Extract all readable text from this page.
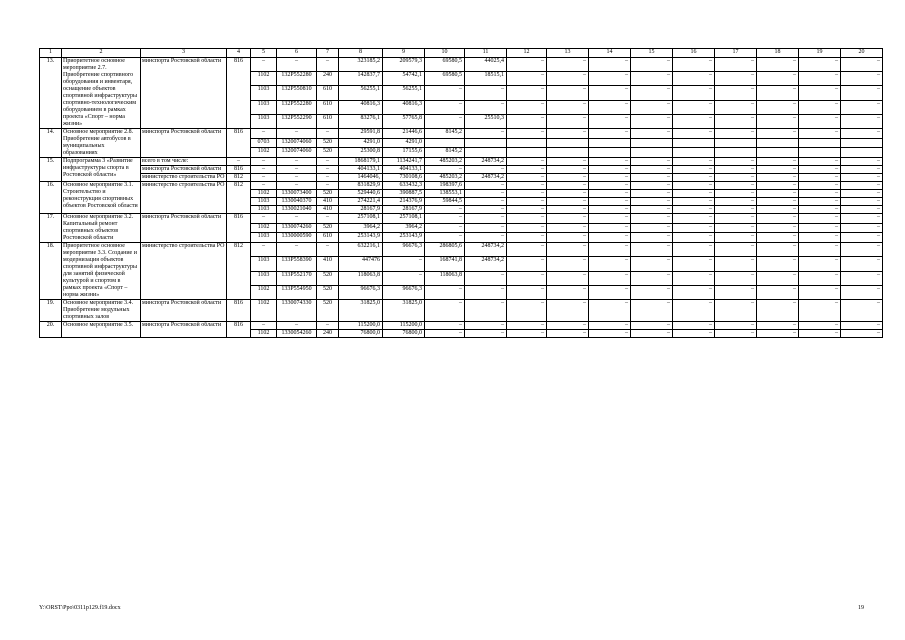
1	2	3	4	5	6	7	8	9	10	11	12	13	14	15	16	17	18	19	20
13.	Приоритетное основное мероприятие 2.7. Приобретение спортивного оборудования и инвентаря, оснащение объектов спортивной инфраструктуры спортивно-технологическим оборудованием в рамках проекта «Спорт – норма жизни»	минспорта Ростовской области	816	–	–	–	323185,2	209579,3	69580,5	44025,4	–	–	–	–	–	–	–	–	–
				1102	132P552280	240	142837,7	54742,1	69580,5	18515,1	–	–	–	–	–	–	–	–	–
				1103	132P550810	610	56255,1	56255,1	–	–	–	–	–	–	–	–	–	–	–
				1103	132P552280	610	40816,3	40816,3	–	–	–	–	–	–	–	–	–	–	–
				1103	132P552290	610	83276,1	57765,8	–	25510,3	–	–	–	–	–	–	–	–	–
14.	Основное мероприятие 2.8. Приобретение автобусов в муниципальных образованиях	минспорта Ростовской области	816	–	–	–	29591,8	21446,6	8145,2	–	–	–	–	–	–	–	–	–	–
				0703	1320074060	520	4291,0	4291,0											
				1102	1320074060	520	25300,8	17155,6	8145,2										
15.	Подпрограмма 3 «Развитие инфраструктуры спорта в Ростовской области»	всего в том числе:	–	–	–	–	1868179,1	1134241,7	485203,2	248734,2	–	–	–	–	–	–	–	–	–
		минспорта Ростовской области	816	–	–	–	404133,1	404133,1	–	–	–	–	–	–	–	–	–	–	–
		министерство строительства РО	812	–	–	–	1464046,	730108,6	485203,2	248734,2	–	–	–	–	–	–	–	–	–
16.	Основное мероприятие 3.1. Строительство и реконструкция спортивных объектов Ростовской области	министерство строительства РО	812	–	–	–	831829,9	633432,3	198397,6	–	–	–	–	–	–	–	–	–	–
				1102	1330073400	520	529440,6	390887,5	138553,1	–	–	–	–	–	–	–	–	–	–
				1103	1330040370	410	274221,4	214376,9	59844,5	–	–	–	–	–	–	–	–	–	–
				1103	1330021040	410	28167,9	28167,9	–	–	–	–	–	–	–	–	–	–	–
17.	Основное мероприятие 3.2. Капитальный ремонт спортивных объектов Ростовской области	минспорта Ростовской области	816	–	–	–	257108,1	257108,1	–	–	–	–	–	–	–	–	–	–	–
				1102	1330074260	520	3964,2	3964,2	–	–	–	–	–	–	–	–	–	–	–
				1103	1330000590	610	253143,9	253143,9	–	–	–	–	–	–	–	–	–	–	–
18.	Приоритетное основное мероприятие 3.3. Создание и модернизация объектов спортивной инфраструктуры для занятий физической культурой и спортом в рамках проекта «Спорт – норма жизни»	министерство строительства РО	812	–	–	–	632216,1	96676,3	286805,6	248734,2	–	–	–	–	–	–	–	–	–
				1103	133P558390	410	447476	–	168741,8	248734,2	–	–	–	–	–	–	–	–	–
				1103	133P552170	520	118063,8	–	118063,8	–	–	–	–	–	–	–	–	–	–
				1102	133P554950	520	96676,3	96676,3	–	–	–	–	–	–	–	–	–	–	–
19.	Основное мероприятие 3.4. Приобретение модульных спортивных залов	минспорта Ростовской области	816	1102	1330074330	520	31825,0	31825,0	–	–	–	–	–	–	–	–	–	–	–
20.	Основное мероприятие 3.5.	минспорта Ростовской области	816	–	–	–	115200,0	115200,0	–	–	–	–	–	–	–	–	–	–	–
				1102	1330054260	240	76800,0	76800,0	–	–	–	–	–	–	–	–	–	–	–
Y:\ORST\Ppo\0311p129.f19.docx	19
